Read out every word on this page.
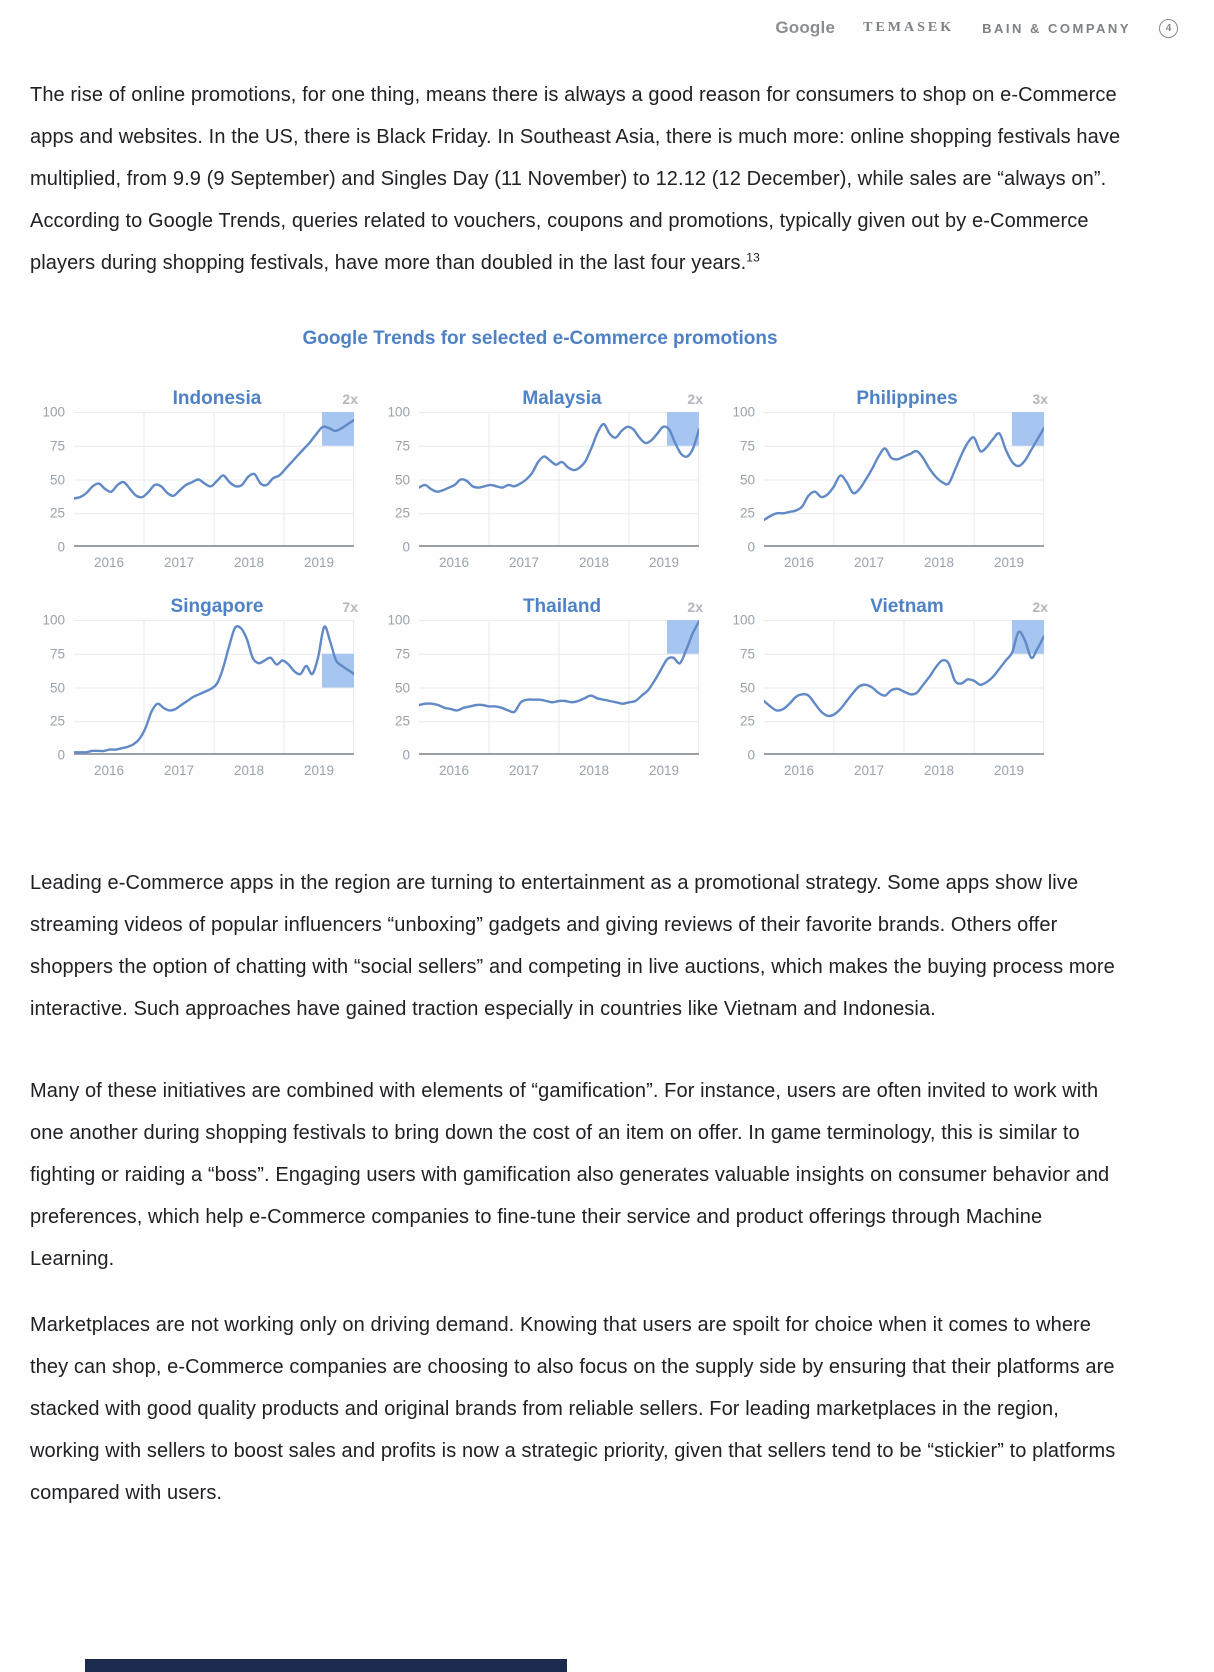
Google TEMASEK BAIN & COMPANY	4

The rise of online promotions, for one thing, means there is always a good reason for consumers to shop on e-Commerce apps and websites. In the US, there is Black Friday. In Southeast Asia, there is much more: online shopping festivals have multiplied, from 9.9 (9 September) and Singles Day (11 November) to 12.12 (12 December), while sales are “always on”. According to Google Trends, queries related to vouchers, coupons and promotions, typically given out by e-Commerce players during shopping festivals, have more than doubled in the last four years.$^{13}$

Google Trends for selected e-Commerce promotions
Indonesia	2x
100
75
50
25
0
2016	2017	2018	2019
Malaysia	2x
100
75
50
25
0
2016	2017	2018	2019
Philippines	3x
100
75
50
25
0
2016	2017	2018	2019
Singapore	7x
100
75
50
25
0
2016	2017	2018	2019
Thailand	2x
100
75
50
25
0
2016	2017	2018	2019
Vietnam	2x
100
75
50
25
0
2016	2017	2018	2019

Leading e-Commerce apps in the region are turning to entertainment as a promotional strategy. Some apps show live streaming videos of popular influencers “unboxing” gadgets and giving reviews of their favorite brands. Others offer shoppers the option of chatting with “social sellers” and competing in live auctions, which makes the buying process more interactive. Such approaches have gained traction especially in countries like Vietnam and Indonesia.

Many of these initiatives are combined with elements of “gamification”. For instance, users are often invited to work with one another during shopping festivals to bring down the cost of an item on offer. In game terminology, this is similar to fighting or raiding a “boss”. Engaging users with gamification also generates valuable insights on consumer behavior and preferences, which help e-Commerce companies to fine-tune their service and product offerings through Machine Learning.

Marketplaces are not working only on driving demand. Knowing that users are spoilt for choice when it comes to where they can shop, e-Commerce companies are choosing to also focus on the supply side by ensuring that their platforms are stacked with good quality products and original brands from reliable sellers. For leading marketplaces in the region, working with sellers to boost sales and profits is now a strategic priority, given that sellers tend to be “stickier” to platforms compared with users.
